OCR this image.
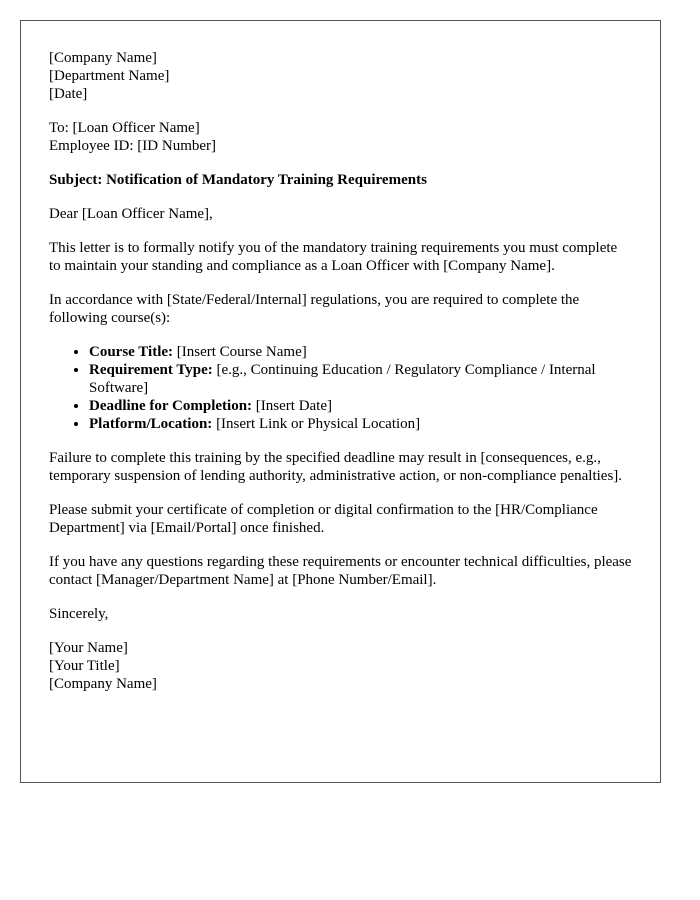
[Company Name]
[Department Name]
[Date]

To: [Loan Officer Name]
Employee ID: [ID Number]

Subject: Notification of Mandatory Training Requirements

Dear [Loan Officer Name],

This letter is to formally notify you of the mandatory training requirements you must complete to maintain your standing and compliance as a Loan Officer with [Company Name].

In accordance with [State/Federal/Internal] regulations, you are required to complete the following course(s):

• Course Title: [Insert Course Name]
• Requirement Type: [e.g., Continuing Education / Regulatory Compliance / Internal Software]
• Deadline for Completion: [Insert Date]
• Platform/Location: [Insert Link or Physical Location]

Failure to complete this training by the specified deadline may result in [consequences, e.g., temporary suspension of lending authority, administrative action, or non-compliance penalties].

Please submit your certificate of completion or digital confirmation to the [HR/Compliance Department] via [Email/Portal] once finished.

If you have any questions regarding these requirements or encounter technical difficulties, please contact [Manager/Department Name] at [Phone Number/Email].

Sincerely,

[Your Name]
[Your Title]
[Company Name]
